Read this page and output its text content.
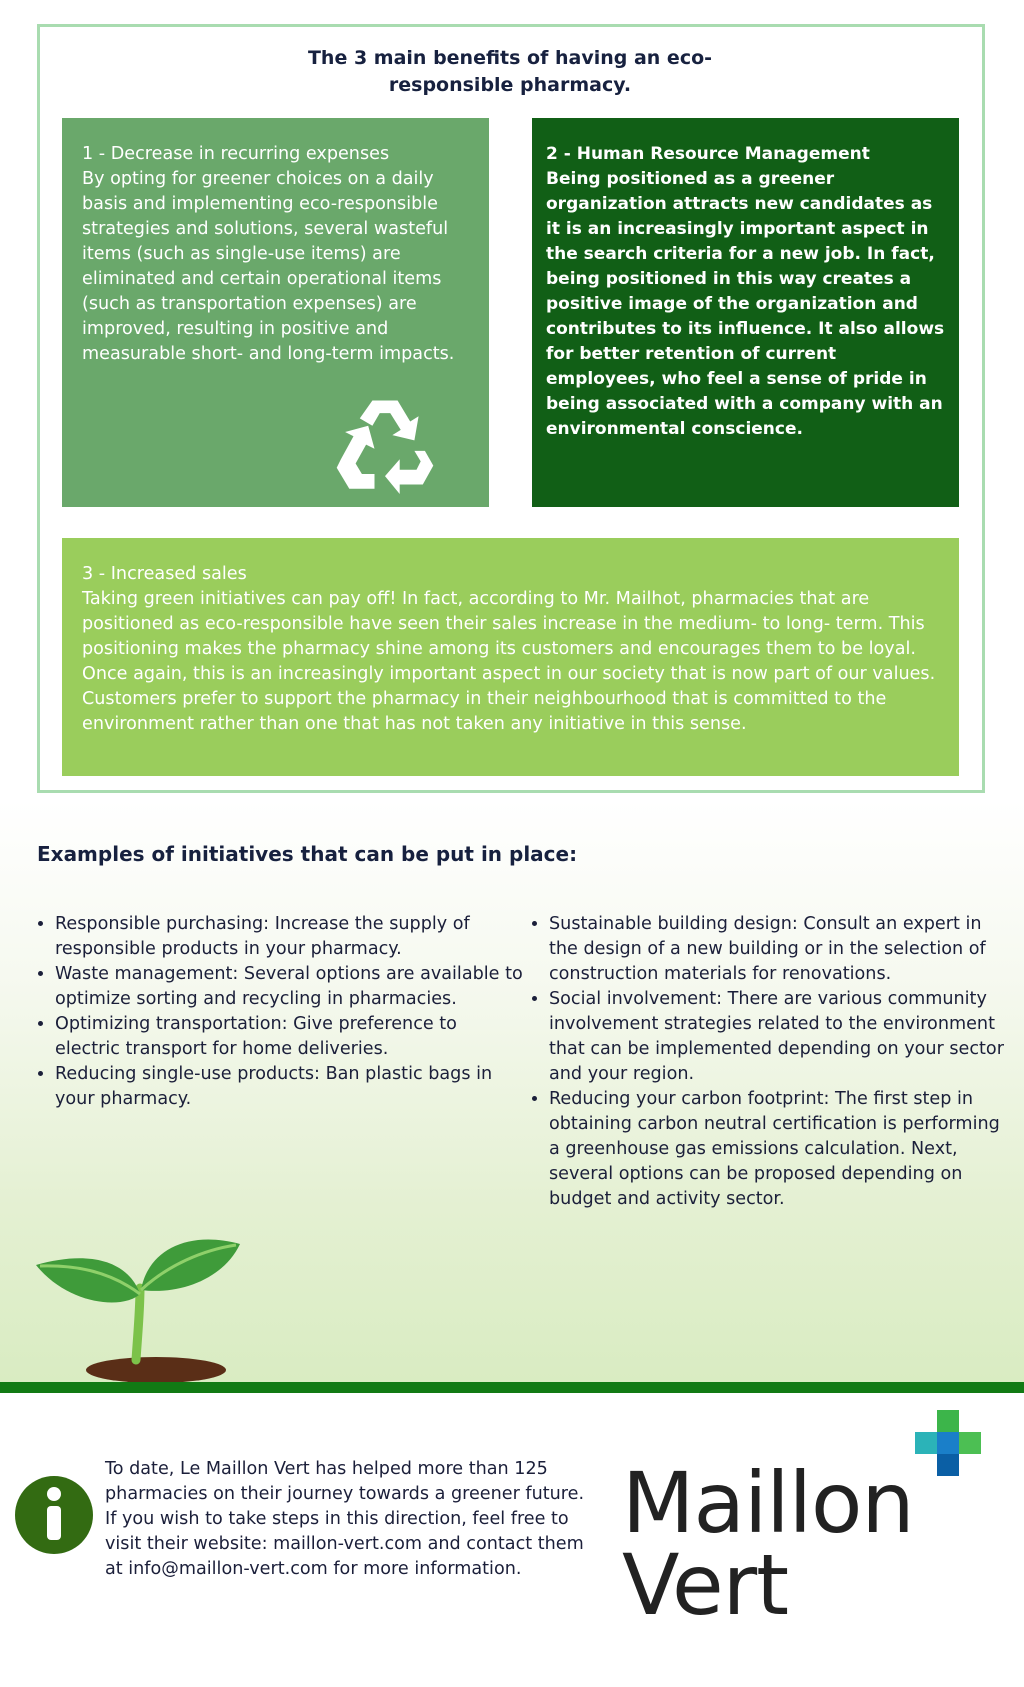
The 3 main benefits of having an eco-responsible pharmacy.

1 - Decrease in recurring expenses

By opting for greener choices on a daily basis and implementing eco-responsible strategies and solutions, several wasteful items (such as single-use items) are eliminated and certain operational items (such as transportation expenses) are improved, resulting in positive and measurable short- and long-term impacts.

2 - Human Resource Management

Being positioned as a greener organization attracts new candidates as it is an increasingly important aspect in the search criteria for a new job. In fact, being positioned in this way creates a positive image of the organization and contributes to its influence. It also allows for better retention of current employees, who feel a sense of pride in being associated with a company with an environmental conscience.

3 - Increased sales

Taking green initiatives can pay off! In fact, according to Mr. Mailhot, pharmacies that are positioned as eco-responsible have seen their sales increase in the medium- to long- term. This positioning makes the pharmacy shine among its customers and encourages them to be loyal. Once again, this is an increasingly important aspect in our society that is now part of our values. Customers prefer to support the pharmacy in their neighbourhood that is committed to the environment rather than one that has not taken any initiative in this sense.

Examples of initiatives that can be put in place:
• Responsible purchasing: Increase the supply of responsible products in your pharmacy.
• Waste management: Several options are available to optimize sorting and recycling in pharmacies.
• Optimizing transportation: Give preference to electric transport for home deliveries.
• Reducing single-use products: Ban plastic bags in your pharmacy.
• Sustainable building design: Consult an expert in the design of a new building or in the selection of construction materials for renovations.
• Social involvement: There are various community involvement strategies related to the environment that can be implemented depending on your sector and your region.
• Reducing your carbon footprint: The first step in obtaining carbon neutral certification is performing a greenhouse gas emissions calculation. Next, several options can be proposed depending on budget and activity sector.

To date, Le Maillon Vert has helped more than 125 pharmacies on their journey towards a greener future. If you wish to take steps in this direction, feel free to visit their website: maillon-vert.com and contact them at info@maillon-vert.com for more information.

Maillon

Vert
